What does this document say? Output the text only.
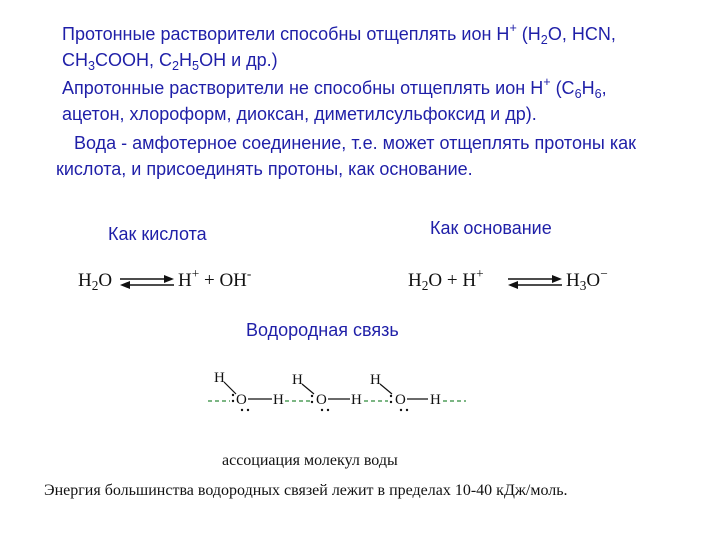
Протонные растворители способны отщеплять ион H+ ($H_2O$, HCN,
$CH_3COOH$, $C_2H_5OH$ и др.)
Апротонные растворители не способны отщеплять ион H+ ($C_6H_6$,
ацетон, хлороформ, диоксан, диметилсульфоксид и др).
Вода - амфотерное соединение, т.е. может отщеплять протоны как
кислота, и присоединять протоны, как основание.
Как кислота
$H_2O$	H+ + OH-
Как основание
$H_2O + H^+$	$H_3O^-$
Водородная связь
H
O H
H
O H
H
O H
ассоциация молекул воды
Энергия большинства водородных связей лежит в пределах 10-40 кДж/моль.
